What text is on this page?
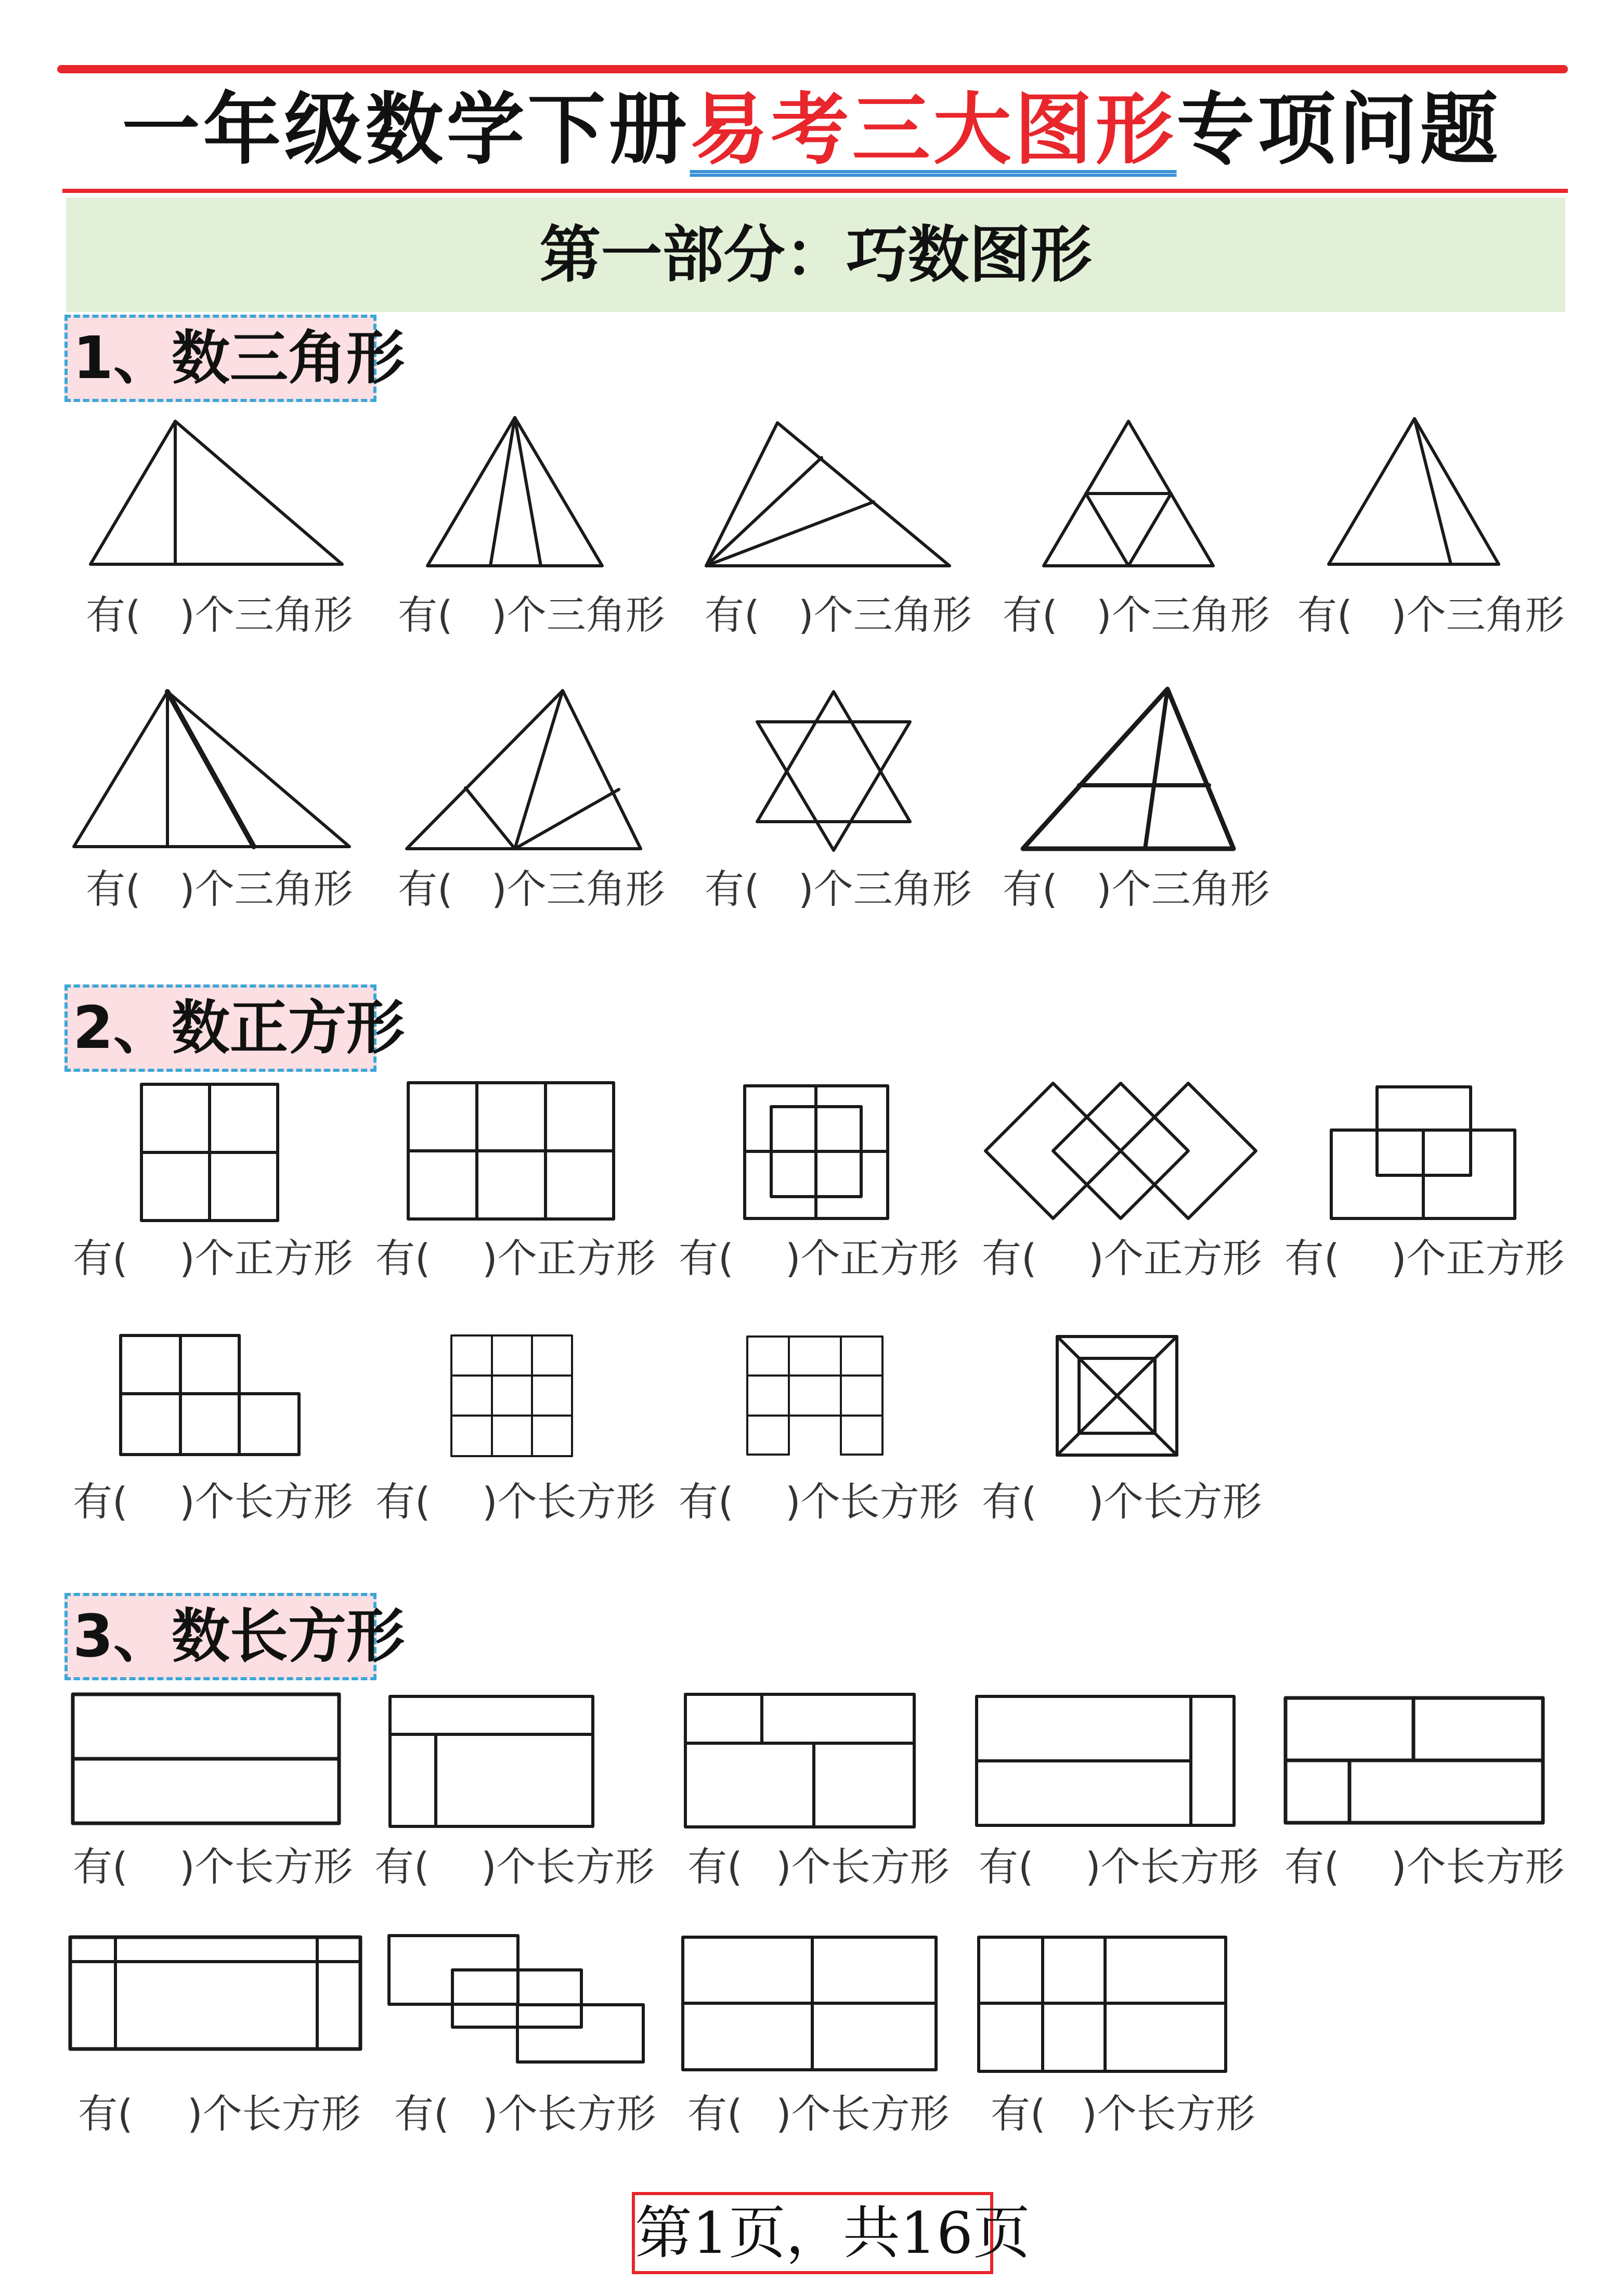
一年级数学下册易考三大图形专项问题
第一部分：巧数图形
1、数三角形
有( )个三角形 有( )个三角形 有( )个三角形 有( )个三角形 有( )个三角形
有( )个三角形 有( )个三角形 有( )个三角形 有( )个三角形
2、数正方形
有( )个正方形 有( )个正方形 有( )个正方形 有( )个正方形 有( )个正方形
有( )个长方形 有( )个长方形 有( )个长方形 有( )个长方形
3、数长方形
有( )个长方形 有( )个长方形 有( )个长方形 有( )个长方形 有( )个长方形
有( )个长方形 有( )个长方形 有( )个长方形 有( )个长方形
第1页，共16页
